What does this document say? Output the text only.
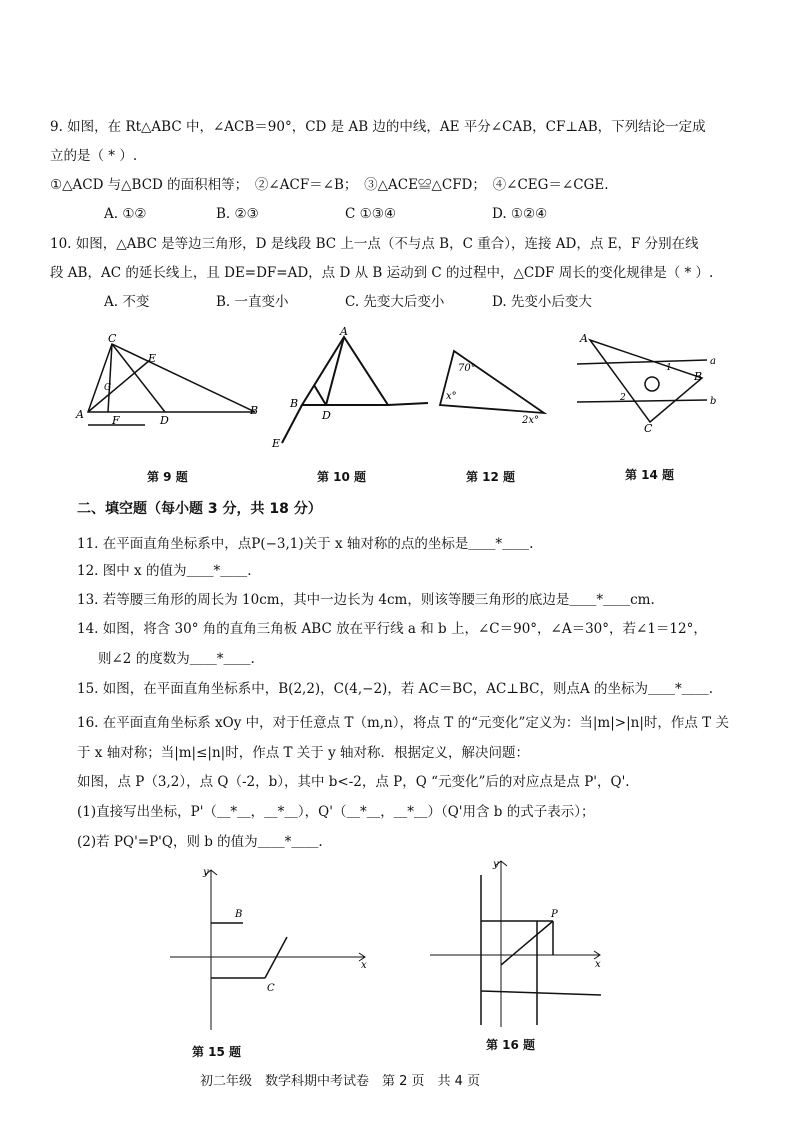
9. 如图，在 Rt△ABC 中，∠ACB＝90°，CD 是 AB 边的中线，AE 平分∠CAB，CF⊥AB，下列结论一定成
立的是（ * ）.
①△ACD 与△BCD 的面积相等；　②∠ACF＝∠B；　③△ACE≌△CFD；　④∠CEG＝∠CGE.
A. ①②	B. ②③	C ①③④	D. ①②④
10. 如图，△ABC 是等边三角形，D 是线段 BC 上一点（不与点 B，C 重合），连接 AD，点 E，F 分别在线
段 AB，AC 的延长线上，且 DE=DF=AD，点 D 从 B 运动到 C 的过程中，△CDF 周长的变化规律是（ * ）.
A. 不变	B. 一直变小	C. 先变大后变小	D. 先变小后变大
C
E
A	F	D
B
G
第 9 题
A
B
D
E
第 10 题
70°
x°
2x°
第 12 题
A
a
b
B
C
1
2
第 14 题
二、填空题（每小题 3 分，共 18 分）
11. 在平面直角坐标系中，点P(−3,1)关于 x 轴对称的点的坐标是＿＿*＿＿.
12. 图中 x 的值为＿＿*＿＿.
13. 若等腰三角形的周长为 10cm，其中一边长为 4cm，则该等腰三角形的底边是＿＿*＿＿cm.
14. 如图，将含 30° 角的直角三角板 ABC 放在平行线 a 和 b 上，∠C＝90°，∠A＝30°，若∠1＝12°，
则∠2 的度数为＿＿*＿＿.
15. 如图，在平面直角坐标系中，B(2,2)，C(4,−2)，若 AC＝BC，AC⊥BC，则点A 的坐标为＿＿*＿＿.
16. 在平面直角坐标系 xOy 中，对于任意点 T（m,n），将点 T 的“元变化”定义为：当|m|>|n|时，作点 T 关
于 x 轴对称；当|m|≤|n|时，作点 T 关于 y 轴对称．根据定义，解决问题：
如图，点 P（3,2），点 Q（-2，b），其中 b<-2，点 P，Q “元变化”后的对应点是点 P'，Q'.
(1)直接写出坐标，P'（＿*＿，＿*＿），Q'（＿*＿，＿*＿）（Q'用含 b 的式子表示）；
(2)若 PQ'=P'Q，则 b 的值为＿＿*＿＿.
y
x
B
C
第 15 题
y
x
P
第 16 题
初二年级　数学科期中考试卷　第 2 页　共 4 页
